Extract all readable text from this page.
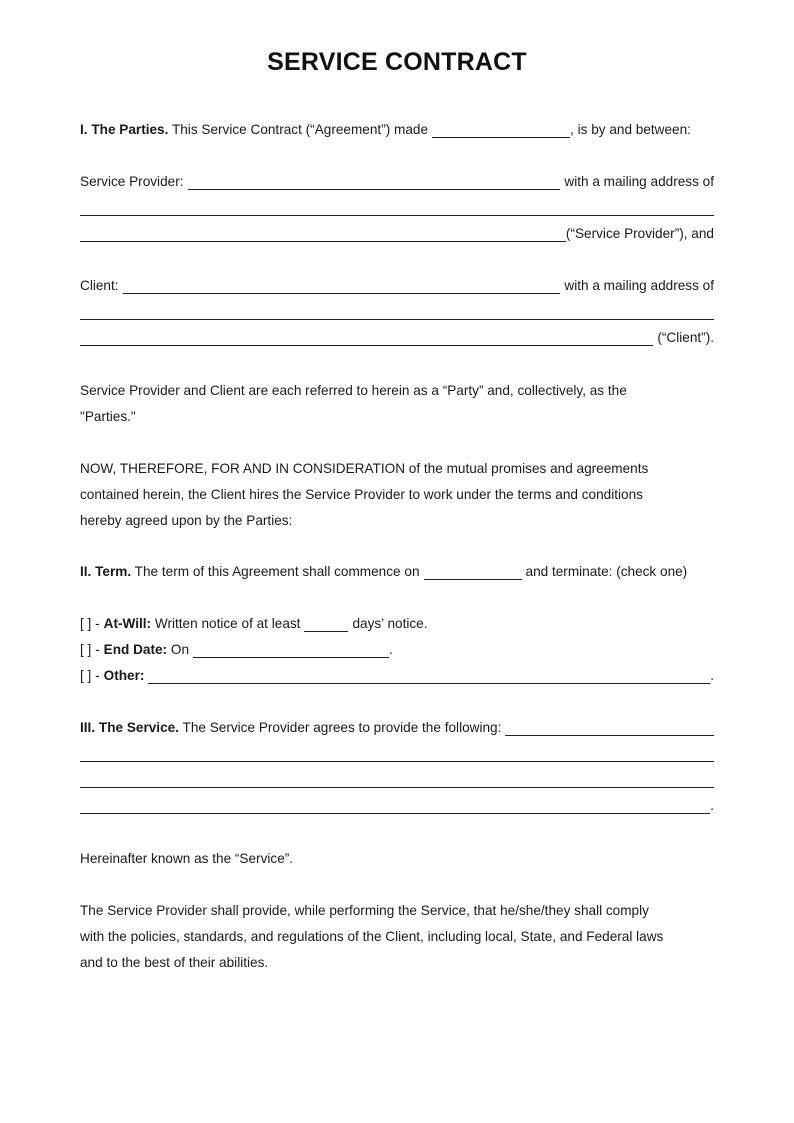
SERVICE CONTRACT
I. The Parties. This Service Contract (“Agreement”) made	, is by and between:
Service Provider:	with a mailing address of
(“Service Provider”), and
Client:	with a mailing address of
(“Client”).

Service Provider and Client are each referred to herein as a “Party” and, collectively, as the

"Parties."

NOW, THEREFORE, FOR AND IN CONSIDERATION of the mutual promises and agreements

contained herein, the Client hires the Service Provider to work under the terms and conditions

hereby agreed upon by the Parties:

II. Term. The term of this Agreement shall commence on	and terminate: (check one)
[ ] - At-Will: Written notice of at least	days’ notice.
[ ] - End Date: On	.
[ ] - Other:	.
III. The Service. The Service Provider agrees to provide the following:
.

Hereinafter known as the “Service”.

The Service Provider shall provide, while performing the Service, that he/she/they shall comply

with the policies, standards, and regulations of the Client, including local, State, and Federal laws

and to the best of their abilities.
